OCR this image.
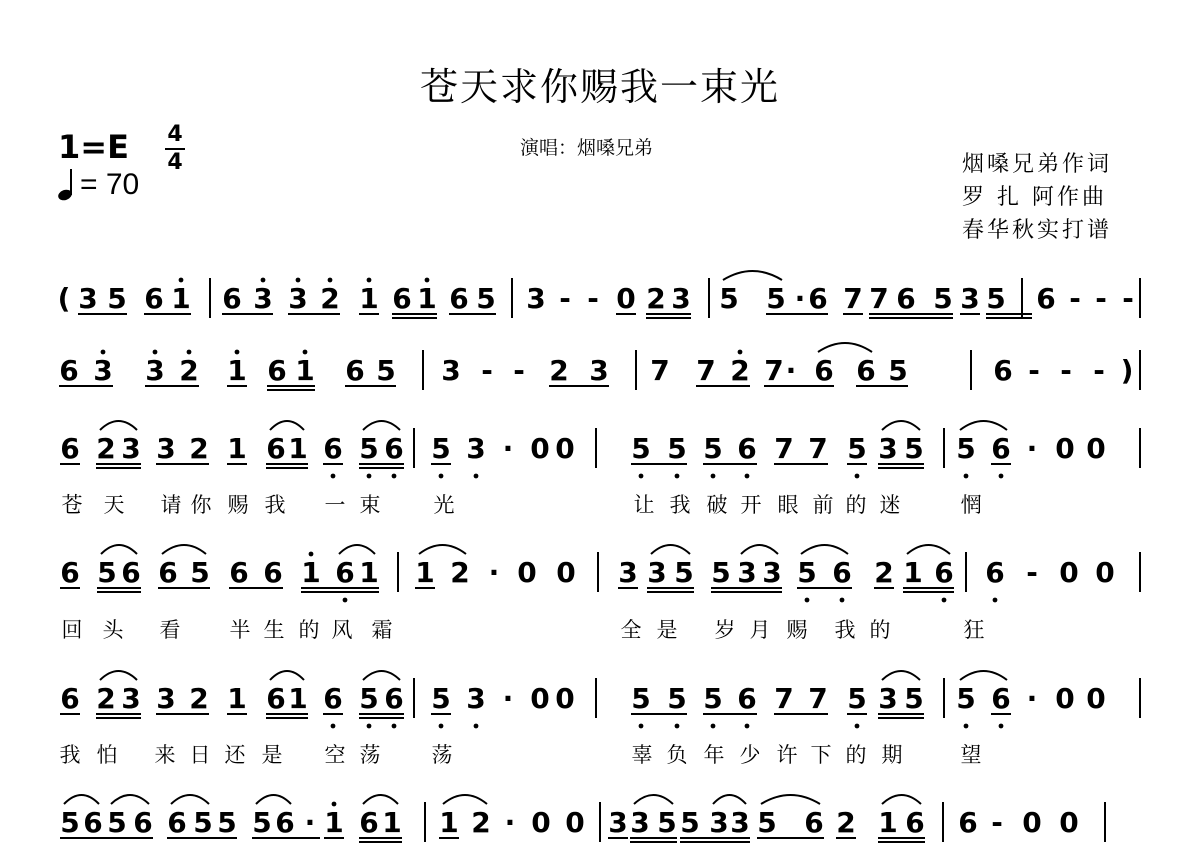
苍天求你赐我一束光
演唱：烟嗓兄弟
1=E 4
4
= 70
烟嗓兄弟作词
罗 扎 阿作曲
春华秋实打谱
( 3 5 6 1 6 3 3 2 1 6 1 6 5 3 - - 0 2 3 5 5 · 6 7 7 6 5 3 5 6 - - -
6 3 3 2 1 6 1 6 5 3 - - 2 3 7 7 2 7 · 6 6 5	6 - - - )
6 2 3 3 2 1 6 1 6 5 6 5 3 · 0 0 5 5 5 6 7 7 5 3 5 5 6 · 0 0
苍 天 请 你 赐 我 一 束	光	让 我 破 开 眼 前 的 迷	惘
6 5 6 6 5 6 6 1 6 1 1 2 · 0 0 3 3 5 5 3 3 5 6 2 1 6 6 - 0 0
回 头 看 半 生 的 风 霜	全 是 岁 月 赐 我 的	狂
6 2 3 3 2 1 6 1 6 5 6 5 3 · 0 0 5 5 5 6 7 7 5 3 5 5 6 · 0 0
我 怕 来 日 还 是 空 荡 荡	辜 负 年 少 许 下 的 期	望
5 6 5 6 6 5 5 5 6 · 1 6 1 1 2 · 0 0 3 3 5 5 3 3 5 6 2 1 6 6 - 0 0
